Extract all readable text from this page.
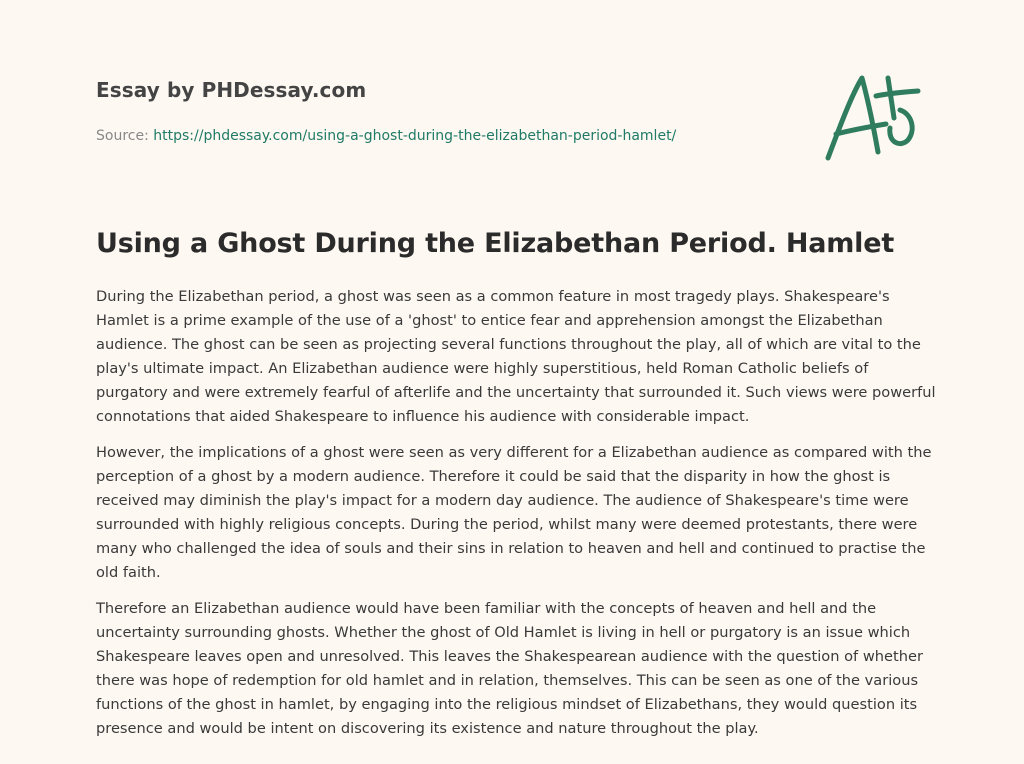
Essay by PHDessay.com
Source: https://phdessay.com/using-a-ghost-during-the-elizabethan-period-hamlet/
Using a Ghost During the Elizabethan Period. Hamlet

During the Elizabethan period, a ghost was seen as a common feature in most tragedy plays. Shakespeare's Hamlet is a prime example of the use of a 'ghost' to entice fear and apprehension amongst the Elizabethan audience. The ghost can be seen as projecting several functions throughout the play, all of which are vital to the play's ultimate impact. An Elizabethan audience were highly superstitious, held Roman Catholic beliefs of purgatory and were extremely fearful of afterlife and the uncertainty that surrounded it. Such views were powerful connotations that aided Shakespeare to influence his audience with considerable impact.

However, the implications of a ghost were seen as very different for a Elizabethan audience as compared with the perception of a ghost by a modern audience. Therefore it could be said that the disparity in how the ghost is received may diminish the play's impact for a modern day audience. The audience of Shakespeare's time were surrounded with highly religious concepts. During the period, whilst many were deemed protestants, there were many who challenged the idea of souls and their sins in relation to heaven and hell and continued to practise the old faith.

Therefore an Elizabethan audience would have been familiar with the concepts of heaven and hell and the uncertainty surrounding ghosts. Whether the ghost of Old Hamlet is living in hell or purgatory is an issue which Shakespeare leaves open and unresolved. This leaves the Shakespearean audience with the question of whether there was hope of redemption for old hamlet and in relation, themselves. This can be seen as one of the various functions of the ghost in hamlet, by engaging into the religious mindset of Elizabethans, they would question its presence and would be intent on discovering its existence and nature throughout the play.
